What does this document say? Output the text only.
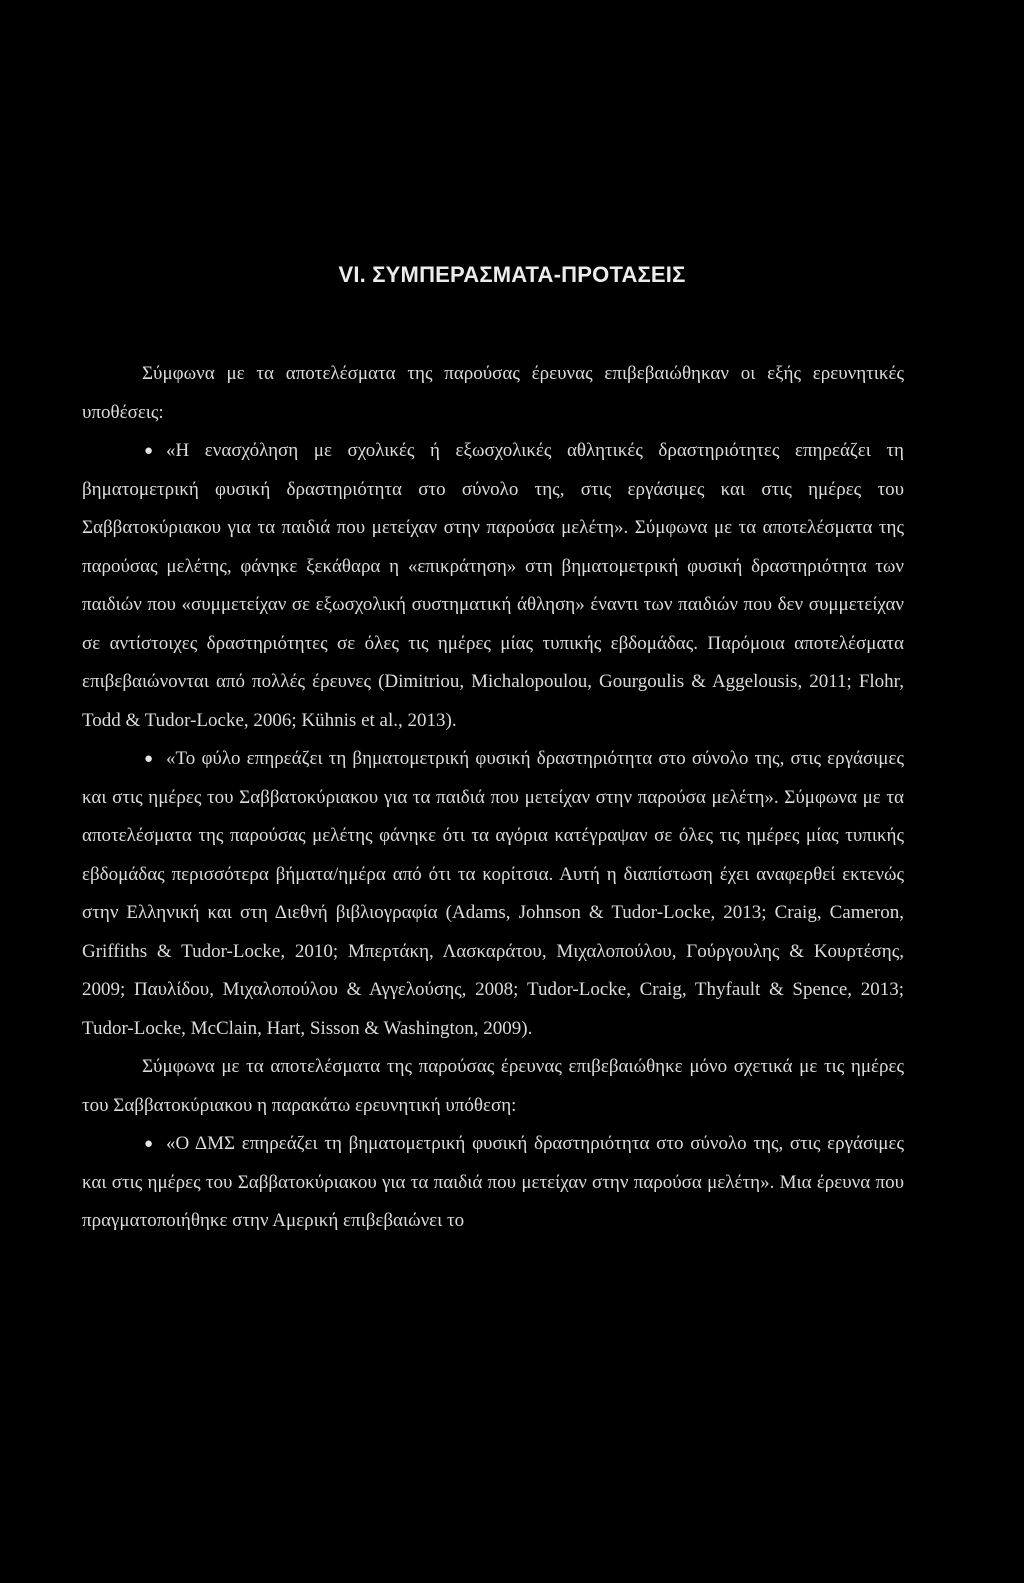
VI. ΣΥΜΠΕΡΑΣΜΑΤΑ-ΠΡΟΤΑΣΕΙΣ

Σύμφωνα με τα αποτελέσματα της παρούσας έρευνας επιβεβαιώθηκαν οι εξής ερευνητικές υποθέσεις:

● «Η ενασχόληση με σχολικές ή εξωσχολικές αθλητικές δραστηριότητες επηρεάζει τη βηματομετρική φυσική δραστηριότητα στο σύνολο της, στις εργάσιμες και στις ημέρες του Σαββατοκύριακου για τα παιδιά που μετείχαν στην παρούσα μελέτη». Σύμφωνα με τα αποτελέσματα της παρούσας μελέτης, φάνηκε ξεκάθαρα η «επικράτηση» στη βηματομετρική φυσική δραστηριότητα των παιδιών που «συμμετείχαν σε εξωσχολική συστηματική άθληση» έναντι των παιδιών που δεν συμμετείχαν σε αντίστοιχες δραστηριότητες σε όλες τις ημέρες μίας τυπικής εβδομάδας. Παρόμοια αποτελέσματα επιβεβαιώνονται από πολλές έρευνες (Dimitriou, Michalopoulou, Gourgoulis & Aggelousis, 2011; Flohr, Todd & Tudor-Locke, 2006; Kühnis et al., 2013).

● «Το φύλο επηρεάζει τη βηματομετρική φυσική δραστηριότητα στο σύνολο της, στις εργάσιμες και στις ημέρες του Σαββατοκύριακου για τα παιδιά που μετείχαν στην παρούσα μελέτη». Σύμφωνα με τα αποτελέσματα της παρούσας μελέτης φάνηκε ότι τα αγόρια κατέγραψαν σε όλες τις ημέρες μίας τυπικής εβδομάδας περισσότερα βήματα/ημέρα από ότι τα κορίτσια. Αυτή η διαπίστωση έχει αναφερθεί εκτενώς στην Ελληνική και στη Διεθνή βιβλιογραφία (Adams, Johnson & Tudor-Locke, 2013; Craig, Cameron, Griffiths & Tudor-Locke, 2010; Μπερτάκη, Λασκαράτου, Μιχαλοπούλου, Γούργουλης & Κουρτέσης, 2009; Παυλίδου, Μιχαλοπούλου & Αγγελούσης, 2008; Tudor-Locke, Craig, Thyfault & Spence, 2013; Tudor-Locke, McClain, Hart, Sisson & Washington, 2009).

Σύμφωνα με τα αποτελέσματα της παρούσας έρευνας επιβεβαιώθηκε μόνο σχετικά με τις ημέρες του Σαββατοκύριακου η παρακάτω ερευνητική υπόθεση:

● «Ο ΔΜΣ επηρεάζει τη βηματομετρική φυσική δραστηριότητα στο σύνολο της, στις εργάσιμες και στις ημέρες του Σαββατοκύριακου για τα παιδιά που μετείχαν στην παρούσα μελέτη». Μια έρευνα που πραγματοποιήθηκε στην Αμερική επιβεβαιώνει το
